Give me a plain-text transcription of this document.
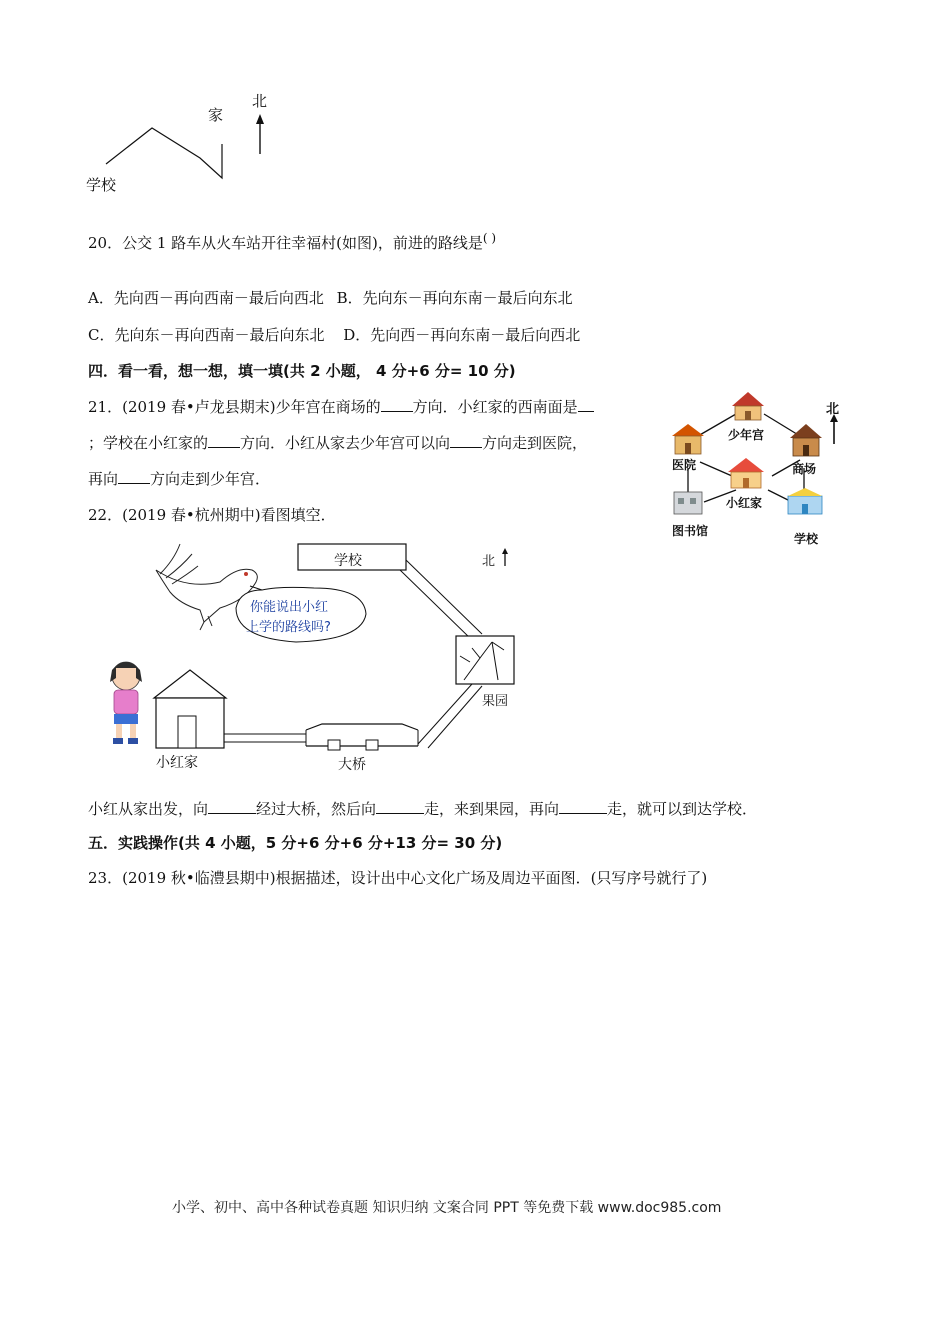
家
北
学校
20．公交 1 路车从火车站开往幸福村(如图)，前进的路线是( )
A．先向西－再向西南－最后向西北 B．先向东－再向东南－最后向东北
C．先向东－再向西南－最后向东北 D．先向西－再向东南－最后向西北
四．看一看，想一想，填一填(共 2 小题， 4 分+6 分= 10 分)
21．(2019 春•卢龙县期末)少年宫在商场的 方向．小红家的西南面是
；学校在小红家的 方向．小红从家去少年宫可以向 方向走到医院，
再向 方向走到少年宫．
北
少年宫
医院	商场
小红家
图书馆
学校
22．(2019 春•杭州期中)看图填空．
学校	北
你能说出小红
上学的路线吗?
果园
小红家	大桥
小红从家出发，向	经过大桥，然后向	走，来到果园，再向	走，就可以到达学校．
五．实践操作(共 4 小题，5 分+6 分+6 分+13 分= 30 分)
23．(2019 秋•临澧县期中)根据描述，设计出中心文化广场及周边平面图．(只写序号就行了)
小学、初中、高中各种试卷真题 知识归纳 文案合同 PPT 等免费下载 www.doc985.com
